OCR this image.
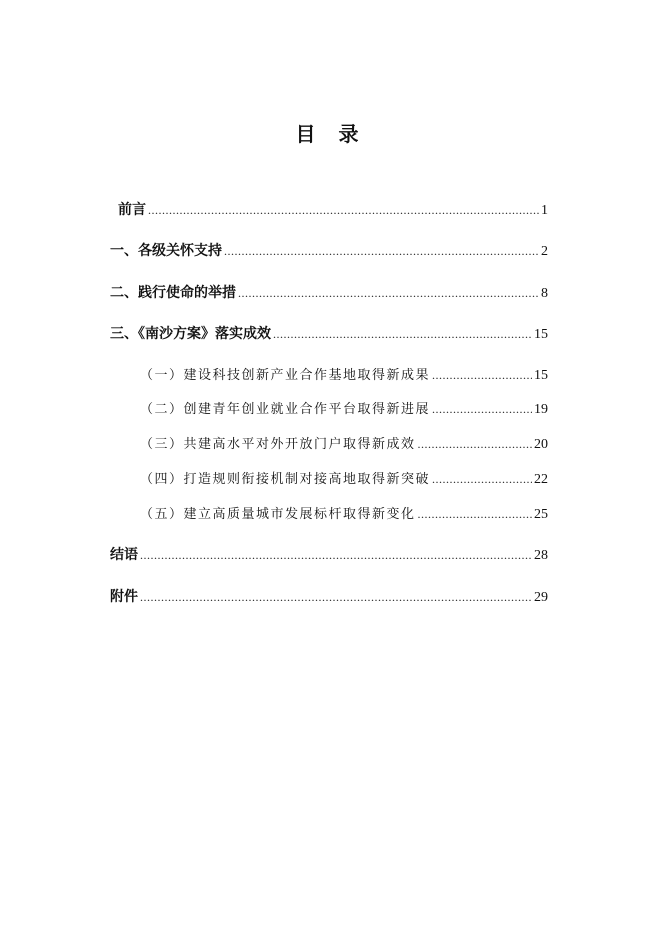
目 录
前言 .....	1
一、各级关怀支持 .....	2
二、践行使命的举措 .....	8
三、《南沙方案》落实成效 .....	15
（一）建设科技创新产业合作基地取得新成果 .....	15
（二）创建青年创业就业合作平台取得新进展 .....	19
（三）共建高水平对外开放门户取得新成效 .....	20
（四）打造规则衔接机制对接高地取得新突破 .....	22
（五）建立高质量城市发展标杆取得新变化 .....	25
结语 .....	28
附件 .....	29
